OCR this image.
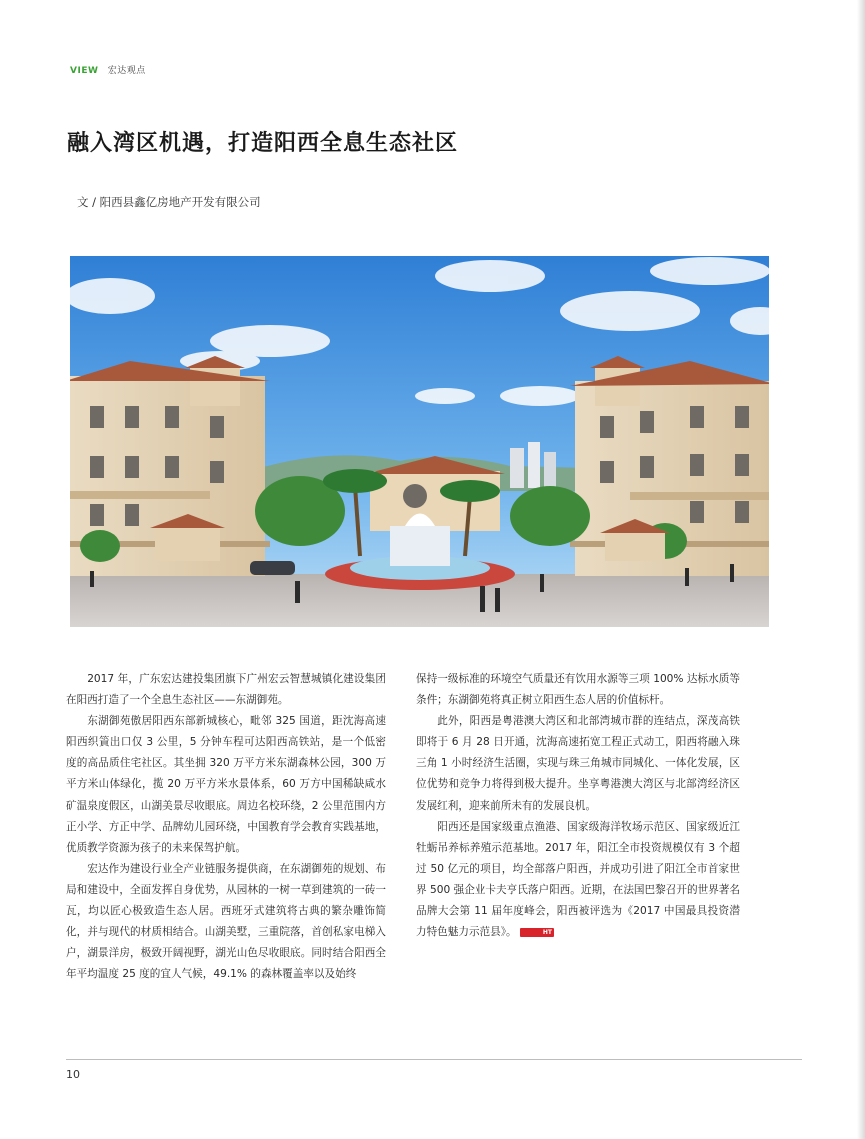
VIEW 宏达观点
融入湾区机遇，打造阳西全息生态社区
文 / 阳西县鑫亿房地产开发有限公司

2017 年，广东宏达建投集团旗下广州宏云智慧城镇化建设集团在阳西打造了一个全息生态社区——东湖御苑。

东湖御苑傲居阳西东部新城核心，毗邻 325 国道，距沈海高速阳西织篢出口仅 3 公里，5 分钟车程可达阳西高铁站，是一个低密度的高品质住宅社区。其坐拥 320 万平方米东湖森林公园，300 万平方米山体绿化，揽 20 万平方米水景体系，60 万方中国稀缺咸水矿温泉度假区，山湖美景尽收眼底。周边名校环绕，2 公里范围内方正小学、方正中学、品牌幼儿园环绕，中国教育学会教育实践基地，优质教学资源为孩子的未来保驾护航。

宏达作为建设行业全产业链服务提供商，在东湖御苑的规划、布局和建设中，全面发挥自身优势，从园林的一树一草到建筑的一砖一瓦，均以匠心极致造生态人居。西班牙式建筑将古典的繁杂雕饰简化，并与现代的材质相结合。山湖美墅，三重院落，首创私家电梯入户，湖景洋房，极致开阔视野，湖光山色尽收眼底。同时结合阳西全年平均温度 25 度的宜人气候，49.1% 的森林覆盖率以及始终

保持一级标准的环境空气质量还有饮用水源等三项 100% 达标水质等条件；东湖御苑将真正树立阳西生态人居的价值标杆。

此外，阳西是粤港澳大湾区和北部湾城市群的连结点，深茂高铁即将于 6 月 28 日开通，沈海高速拓宽工程正式动工，阳西将融入珠三角 1 小时经济生活圈，实现与珠三角城市同城化、一体化发展，区位优势和竞争力将得到极大提升。坐享粤港澳大湾区与北部湾经济区发展红利，迎来前所未有的发展良机。

阳西还是国家级重点渔港、国家级海洋牧场示范区、国家级近江牡蛎吊养标养殖示范基地。2017 年，阳江全市投资规模仅有 3 个超过 50 亿元的项目，均全部落户阳西，并成功引进了阳江全市首家世界 500 强企业卡夫亨氏落户阳西。近期，在法国巴黎召开的世界著名品牌大会第 11 届年度峰会，阳西被评选为《2017 中国最具投资潜力特色魅力示范县》。	HT

10
